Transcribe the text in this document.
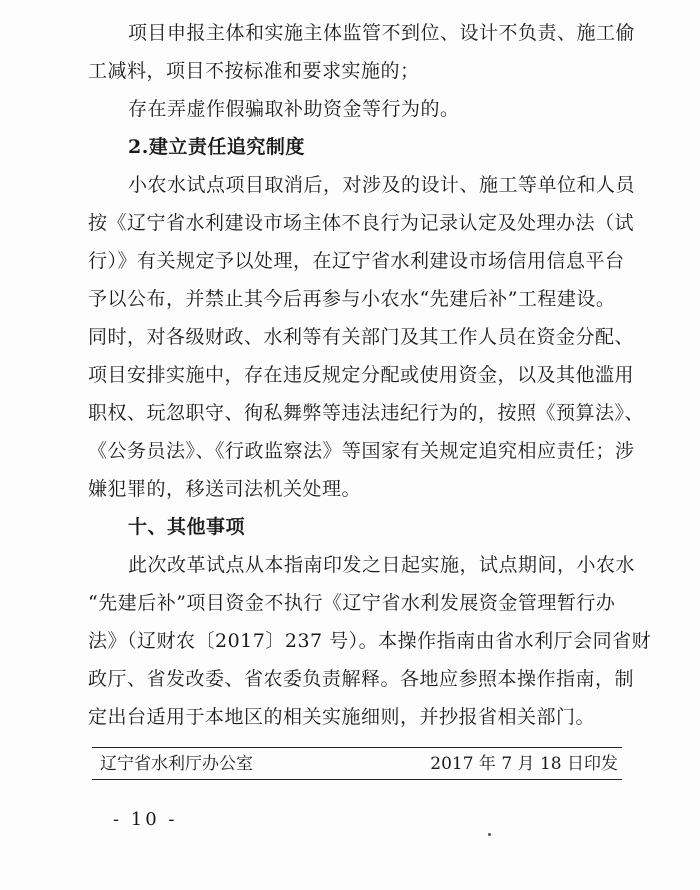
项目申报主体和实施主体监管不到位、设计不负责、施工偷
工减料，项目不按标准和要求实施的；
存在弄虚作假骗取补助资金等行为的。
2.建立责任追究制度
小农水试点项目取消后，对涉及的设计、施工等单位和人员
按《辽宁省水利建设市场主体不良行为记录认定及处理办法（试
行）》有关规定予以处理，在辽宁省水利建设市场信用信息平台
予以公布，并禁止其今后再参与小农水“先建后补”工程建设。
同时，对各级财政、水利等有关部门及其工作人员在资金分配、
项目安排实施中，存在违反规定分配或使用资金，以及其他滥用
职权、玩忽职守、徇私舞弊等违法违纪行为的，按照《预算法》、
《公务员法》、《行政监察法》等国家有关规定追究相应责任；涉
嫌犯罪的，移送司法机关处理。
十、其他事项
此次改革试点从本指南印发之日起实施，试点期间，小农水
“先建后补”项目资金不执行《辽宁省水利发展资金管理暂行办
法》（辽财农〔2017〕237 号）。本操作指南由省水利厅会同省财
政厅、省发改委、省农委负责解释。各地应参照本操作指南，制
定出台适用于本地区的相关实施细则，并抄报省相关部门。
辽宁省水利厅办公室	2017 年 7 月 18 日印发
- 10 -
